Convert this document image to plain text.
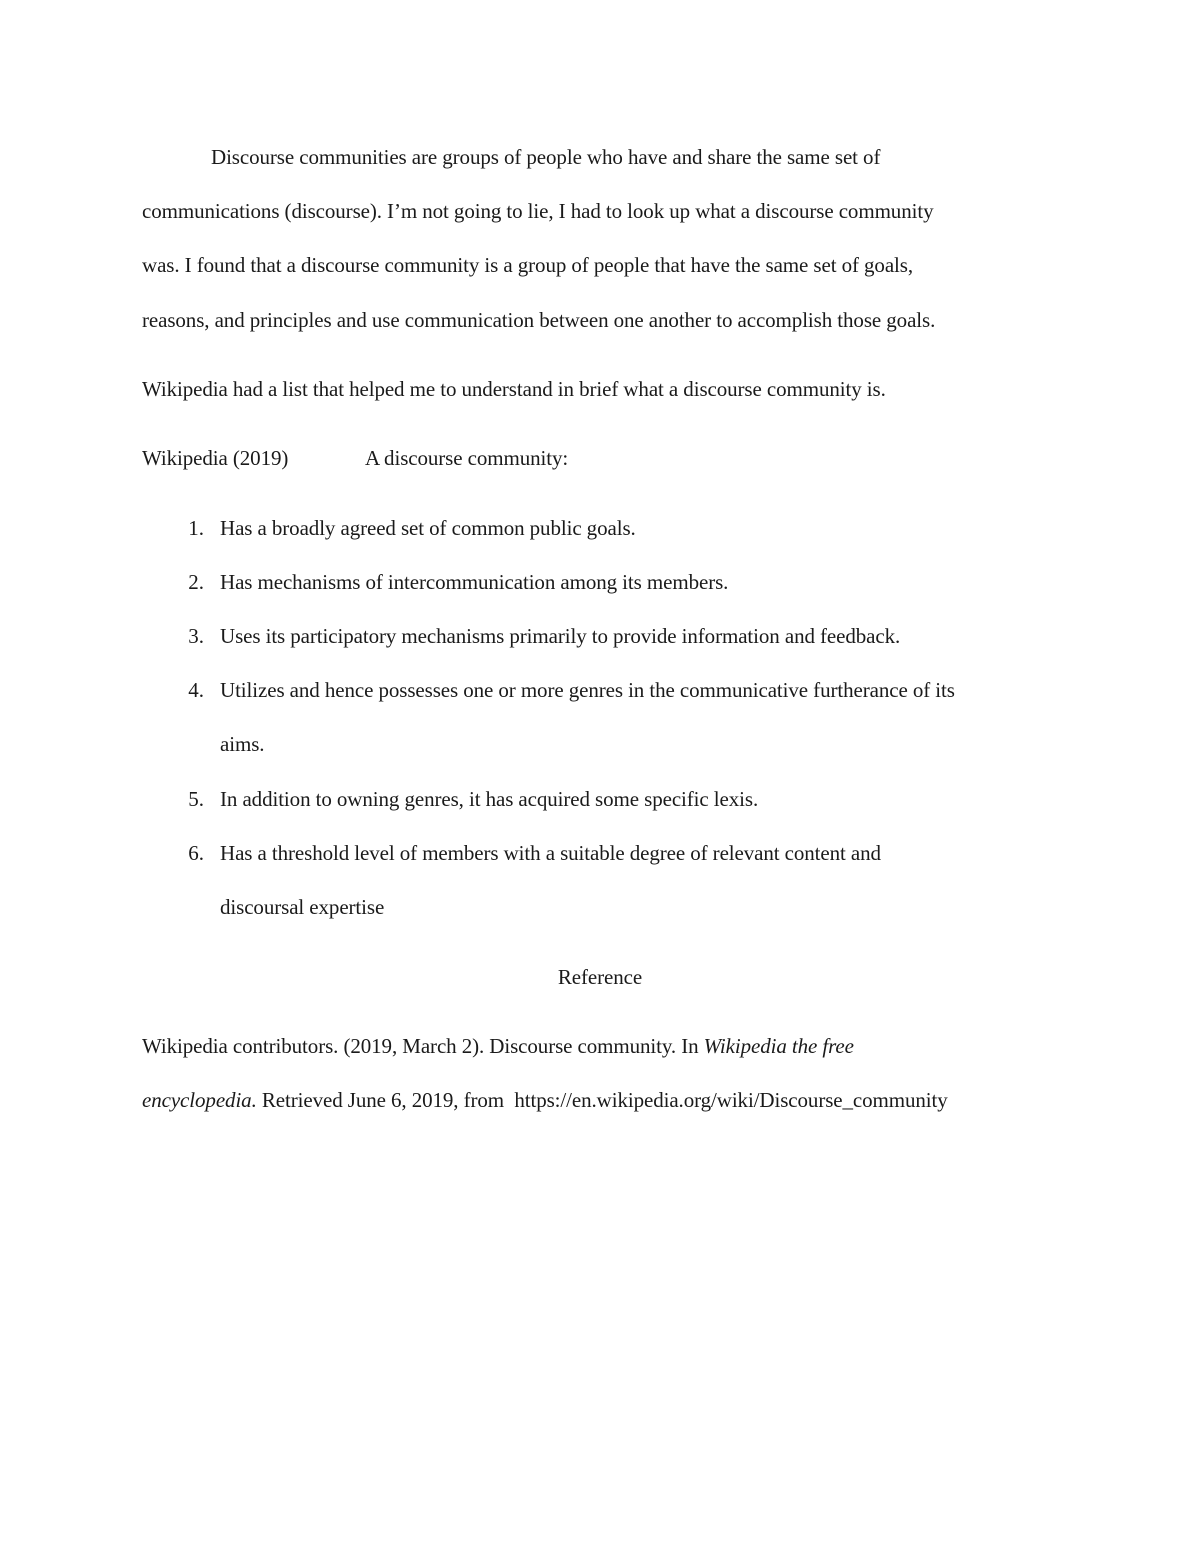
Discourse communities are groups of people who have and share the same set of
communications (discourse). I’m not going to lie, I had to look up what a discourse community
was. I found that a discourse community is a group of people that have the same set of goals,
reasons, and principles and use communication between one another to accomplish those goals.
Wikipedia had a list that helped me to understand in brief what a discourse community is.
Wikipedia (2019)	A discourse community:
1. Has a broadly agreed set of common public goals.
2. Has mechanisms of intercommunication among its members.
3. Uses its participatory mechanisms primarily to provide information and feedback.
4. Utilizes and hence possesses one or more genres in the communicative furtherance of its
aims.
5. In addition to owning genres, it has acquired some specific lexis.
6. Has a threshold level of members with a suitable degree of relevant content and
discoursal expertise
Reference
Wikipedia contributors. (2019, March 2). Discourse community. In Wikipedia the free
encyclopedia. Retrieved June 6, 2019, from  https://en.wikipedia.org/wiki/Discourse_community
